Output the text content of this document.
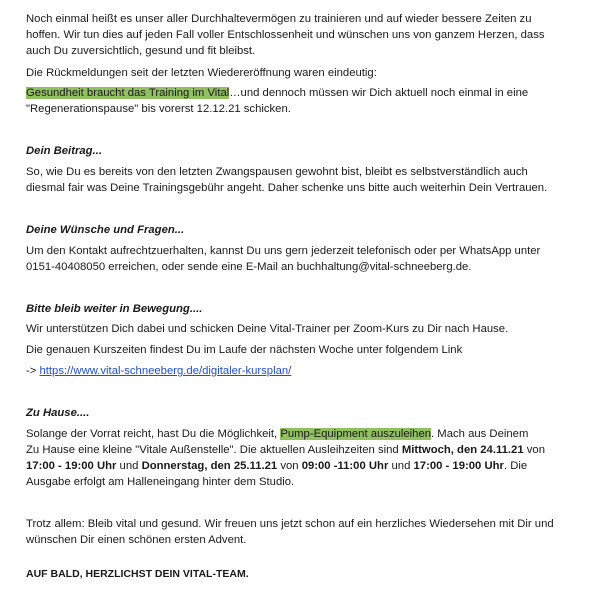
Noch einmal heißt es unser aller Durchhaltevermögen zu trainieren und auf wieder bessere Zeiten zu
hoffen. Wir tun dies auf jeden Fall voller Entschlossenheit und wünschen uns von ganzem Herzen, dass
auch Du zuversichtlich, gesund und fit bleibst.
Die Rückmeldungen seit der letzten Wiedereröffnung waren eindeutig:
Gesundheit braucht das Training im Vital…und dennoch müssen wir Dich aktuell noch einmal in eine
"Regenerationspause" bis vorerst 12.12.21 schicken.
Dein Beitrag...
So, wie Du es bereits von den letzten Zwangspausen gewohnt bist, bleibt es selbstverständlich auch
diesmal fair was Deine Trainingsgebühr angeht. Daher schenke uns bitte auch weiterhin Dein Vertrauen.
Deine Wünsche und Fragen...
Um den Kontakt aufrechtzuerhalten, kannst Du uns gern jederzeit telefonisch oder per WhatsApp unter
0151-40408050 erreichen, oder sende eine E-Mail an buchhaltung@vital-schneeberg.de.
Bitte bleib weiter in Bewegung....
Wir unterstützen Dich dabei und schicken Deine Vital-Trainer per Zoom-Kurs zu Dir nach Hause.
Die genauen Kurszeiten findest Du im Laufe der nächsten Woche unter folgendem Link
-> https://www.vital-schneeberg.de/digitaler-kursplan/
Zu Hause....
Solange der Vorrat reicht, hast Du die Möglichkeit, Pump-Equipment auszuleihen. Mach aus Deinem
Zu Hause eine kleine "Vitale Außenstelle". Die aktuellen Ausleihzeiten sind Mittwoch, den 24.11.21 von
17:00 - 19:00 Uhr und Donnerstag, den 25.11.21 von 09:00 -11:00 Uhr und 17:00 - 19:00 Uhr. Die
Ausgabe erfolgt am Halleneingang hinter dem Studio.
Trotz allem: Bleib vital und gesund. Wir freuen uns jetzt schon auf ein herzliches Wiedersehen mit Dir und
wünschen Dir einen schönen ersten Advent.
AUF BALD, HERZLICHST DEIN VITAL-TEAM.
